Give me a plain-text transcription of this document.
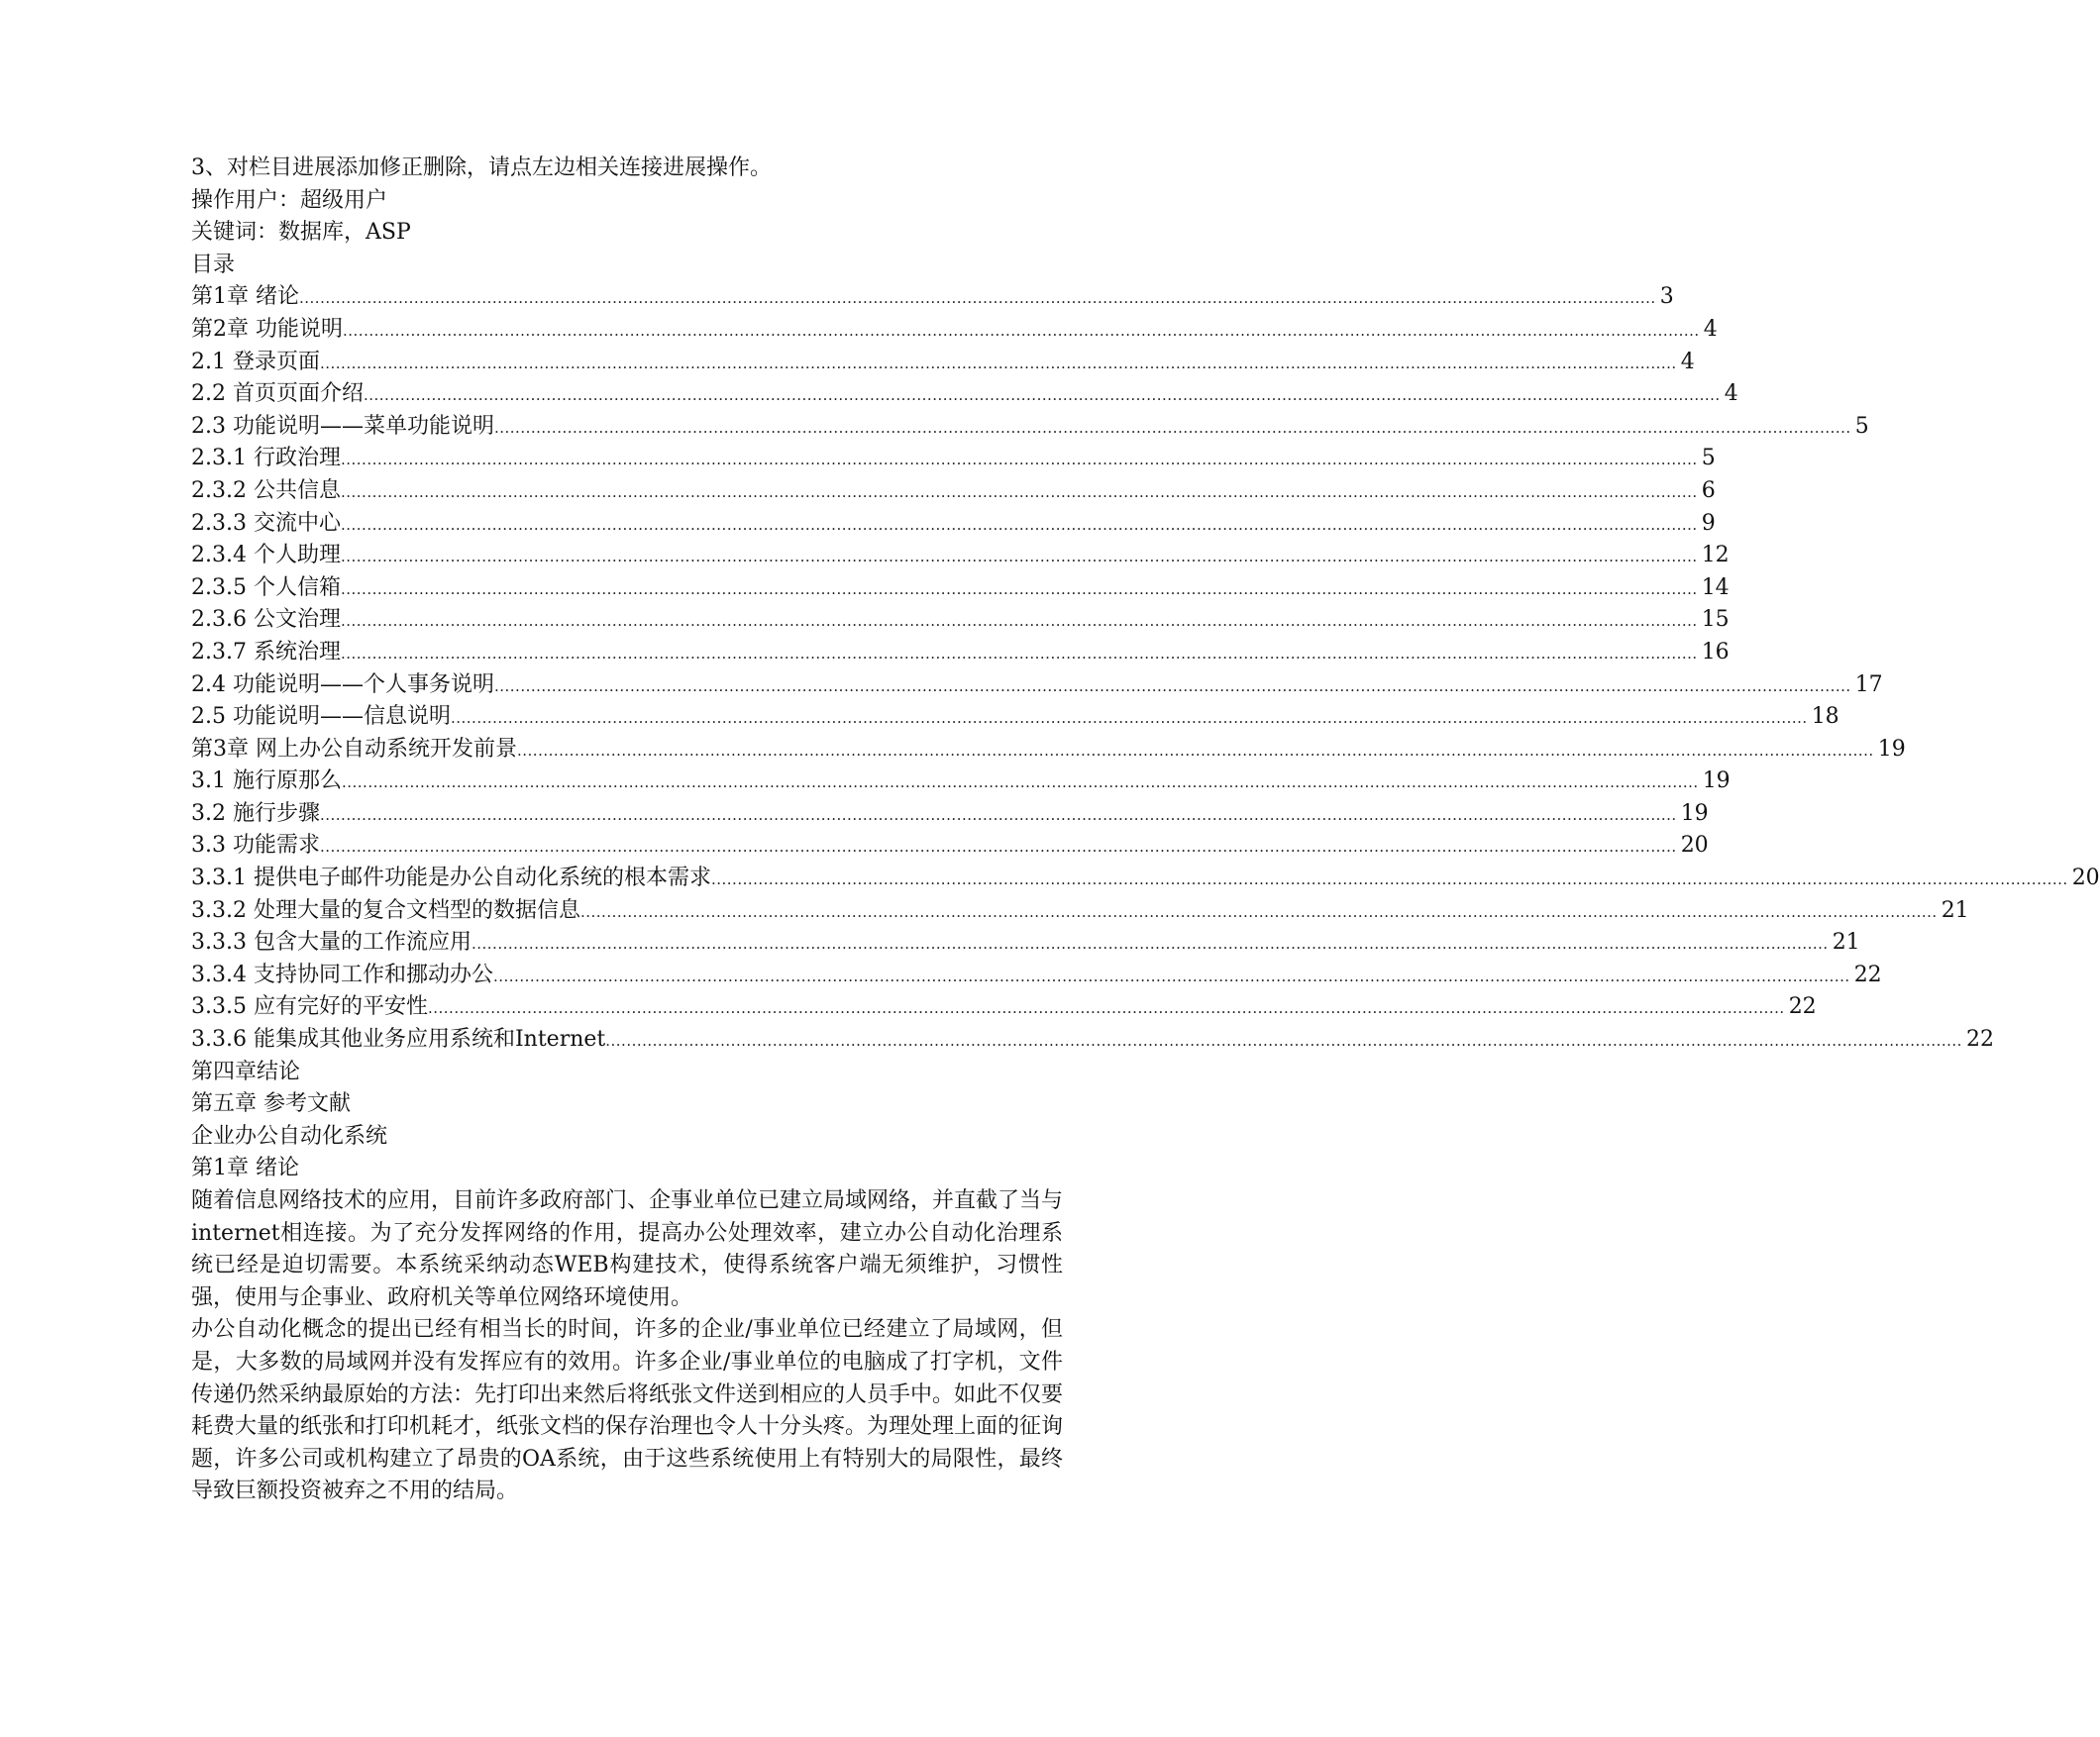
3、对栏目进展添加修正删除，请点左边相关连接进展操作。
操作用户：超级用户
关键词：数据库，ASP
目录
第1章 绪论 .................................................................................................................................................................................................................................................................... 3
第2章 功能说明 .................................................................................................................................................................................................................................................................... 4
2.1 登录页面 .................................................................................................................................................................................................................................................................... 4
2.2 首页页面介绍 .................................................................................................................................................................................................................................................................... 4
2.3 功能说明——菜单功能说明 .................................................................................................................................................................................................................................................................... 5
2.3.1 行政治理 .................................................................................................................................................................................................................................................................... 5
2.3.2 公共信息 .................................................................................................................................................................................................................................................................... 6
2.3.3 交流中心 .................................................................................................................................................................................................................................................................... 9
2.3.4 个人助理 .................................................................................................................................................................................................................................................................... 12
2.3.5 个人信箱 .................................................................................................................................................................................................................................................................... 14
2.3.6 公文治理 .................................................................................................................................................................................................................................................................... 15
2.3.7 系统治理 .................................................................................................................................................................................................................................................................... 16
2.4 功能说明——个人事务说明 .................................................................................................................................................................................................................................................................... 17
2.5 功能说明——信息说明 .................................................................................................................................................................................................................................................................... 18
第3章 网上办公自动系统开发前景 .................................................................................................................................................................................................................................................................... 19
3.1 施行原那么 .................................................................................................................................................................................................................................................................... 19
3.2 施行步骤 .................................................................................................................................................................................................................................................................... 19
3.3 功能需求 .................................................................................................................................................................................................................................................................... 20
3.3.1 提供电子邮件功能是办公自动化系统的根本需求 .................................................................................................................................................................................................................................................................... 20
3.3.2 处理大量的复合文档型的数据信息 .................................................................................................................................................................................................................................................................... 21
3.3.3 包含大量的工作流应用 .................................................................................................................................................................................................................................................................... 21
3.3.4 支持协同工作和挪动办公 .................................................................................................................................................................................................................................................................... 22
3.3.5 应有完好的平安性 .................................................................................................................................................................................................................................................................... 22
3.3.6 能集成其他业务应用系统和Internet .................................................................................................................................................................................................................................................................... 22
第四章结论
第五章 参考文献
企业办公自动化系统
第1章 绪论

随着信息网络技术的应用，目前许多政府部门、企事业单位已建立局域网络，并直截了当与internet相连接。为了充分发挥网络的作用，提高办公处理效率，建立办公自动化治理系统已经是迫切需要。本系统采纳动态WEB构建技术，使得系统客户端无须维护，习惯性强，使用与企事业、政府机关等单位网络环境使用。

办公自动化概念的提出已经有相当长的时间，许多的企业/事业单位已经建立了局域网，但是，大多数的局域网并没有发挥应有的效用。许多企业/事业单位的电脑成了打字机，文件传递仍然采纳最原始的方法：先打印出来然后将纸张文件送到相应的人员手中。如此不仅要耗费大量的纸张和打印机耗才，纸张文档的保存治理也令人十分头疼。为理处理上面的征询题，许多公司或机构建立了昂贵的OA系统，由于这些系统使用上有特别大的局限性，最终导致巨额投资被弃之不用的结局。
